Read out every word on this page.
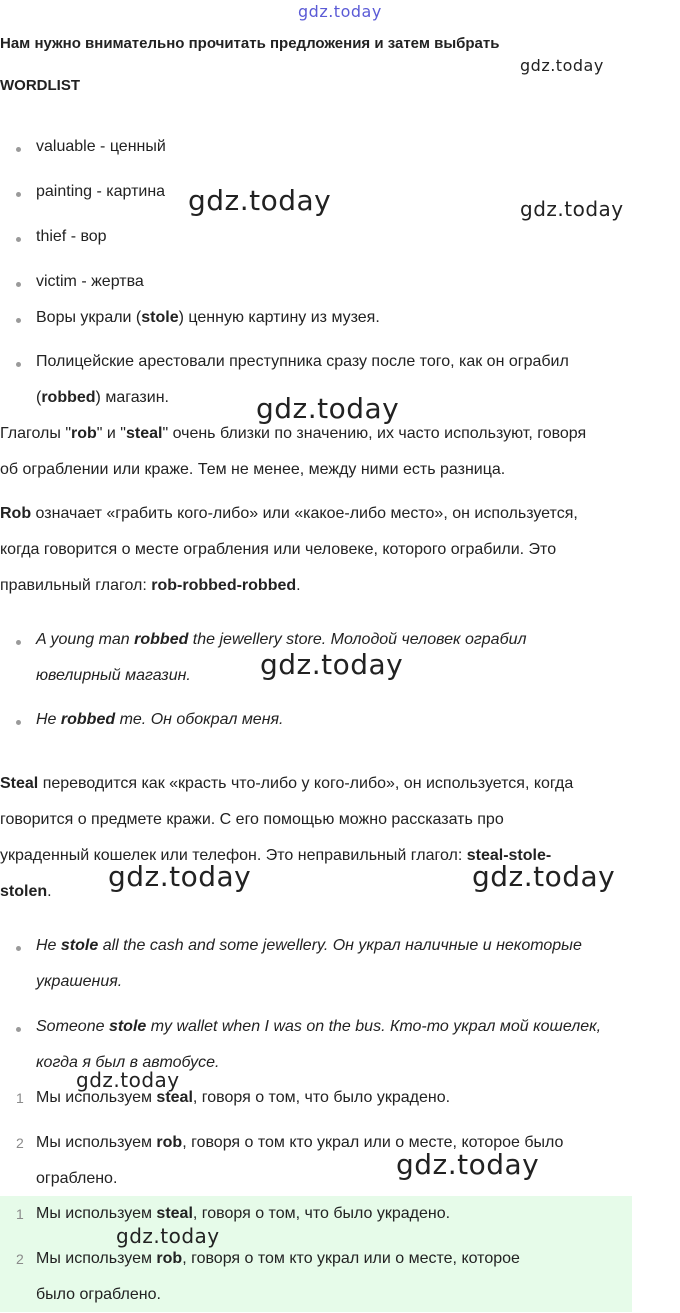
gdz.today
gdz.today
gdz.today	gdz.today
gdz.today
gdz.today
gdz.today	gdz.today
gdz.today
gdz.today
Нам нужно внимательно прочитать предложения и затем выбрать
WORDLIST
valuable - ценный
painting - картина
thief - вор
victim - жертва
Воры украли (stole) ценную картину из музея.
Полицейские арестовали преступника сразу после того, как он ограбил
(robbed) магазин.
Глаголы "rob" и "steal" очень близки по значению, их часто используют, говоря
об ограблении или краже. Тем не менее, между ними есть разница.
Rob означает «грабить кого-либо» или «какое-либо место», он используется,
когда говорится о месте ограбления или человеке, которого ограбили. Это
правильный глагол: rob-robbed-robbed.
A young man robbed the jewellery store. Молодой человек ограбил
ювелирный магазин.
He robbed me. Он обокрал меня.
Steal переводится как «красть что-либо у кого-либо», он используется, когда
говорится о предмете кражи. С его помощью можно рассказать про
украденный кошелек или телефон. Это неправильный глагол: steal-stole-
stolen.
He stole all the cash and some jewellery. Он украл наличные и некоторые
украшения.
Someone stole my wallet when I was on the bus. Кто-то украл мой кошелек,
когда я был в автобусе.
1 Мы используем steal, говоря о том, что было украдено.
2 Мы используем rob, говоря о том кто украл или о месте, которое было
ограблено.
1 Мы используем steal, говоря о том, что было украдено.
gdz.today
2 Мы используем rob, говоря о том кто украл или о месте, которое
было ограблено.
